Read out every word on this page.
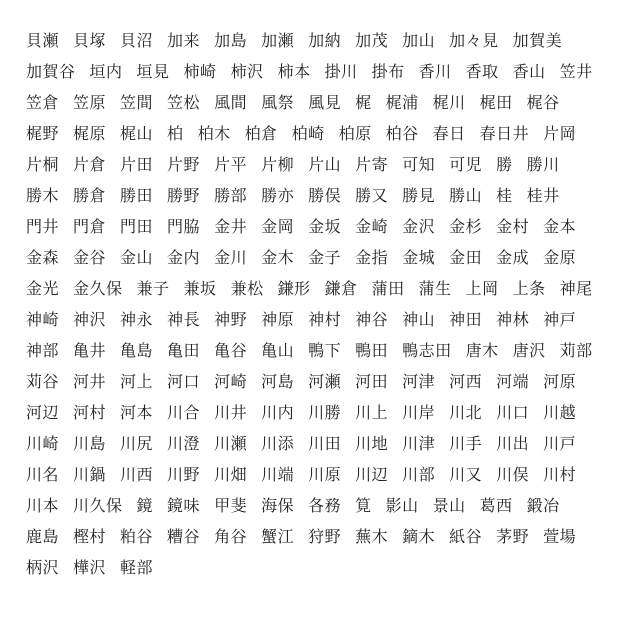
貝瀬 貝塚 貝沼 加来 加島 加瀬 加納 加茂 加山 加々見 加賀美加賀谷 垣内 垣見 柿崎 柿沢 柿本 掛川 掛布 香川 香取 香山 笠井笠倉 笠原 笠間 笠松 風間 風祭 風見 梶 梶浦 梶川 梶田 梶谷梶野 梶原 梶山 柏 柏木 柏倉 柏崎 柏原 柏谷 春日 春日井 片岡片桐 片倉 片田 片野 片平 片柳 片山 片寄 可知 可児 勝 勝川勝木 勝倉 勝田 勝野 勝部 勝亦 勝俣 勝又 勝見 勝山 桂 桂井門井 門倉 門田 門脇 金井 金岡 金坂 金崎 金沢 金杉 金村 金本金森 金谷 金山 金内 金川 金木 金子 金指 金城 金田 金成 金原金光 金久保 兼子 兼坂 兼松 鎌形 鎌倉 蒲田 蒲生 上岡 上条 神尾神崎 神沢 神永 神長 神野 神原 神村 神谷 神山 神田 神林 神戸神部 亀井 亀島 亀田 亀谷 亀山 鴨下 鴨田 鴨志田 唐木 唐沢 苅部苅谷 河井 河上 河口 河崎 河島 河瀬 河田 河津 河西 河端 河原河辺 河村 河本 川合 川井 川内 川勝 川上 川岸 川北 川口 川越川崎 川島 川尻 川澄 川瀬 川添 川田 川地 川津 川手 川出 川戸川名 川鍋 川西 川野 川畑 川端 川原 川辺 川部 川又 川俣 川村川本 川久保 鏡 鏡味 甲斐 海保 各務 筧 影山 景山 葛西 鍛冶鹿島 樫村 粕谷 糟谷 角谷 蟹江 狩野 蕪木 鏑木 紙谷 茅野 萱場柄沢 樺沢 軽部
